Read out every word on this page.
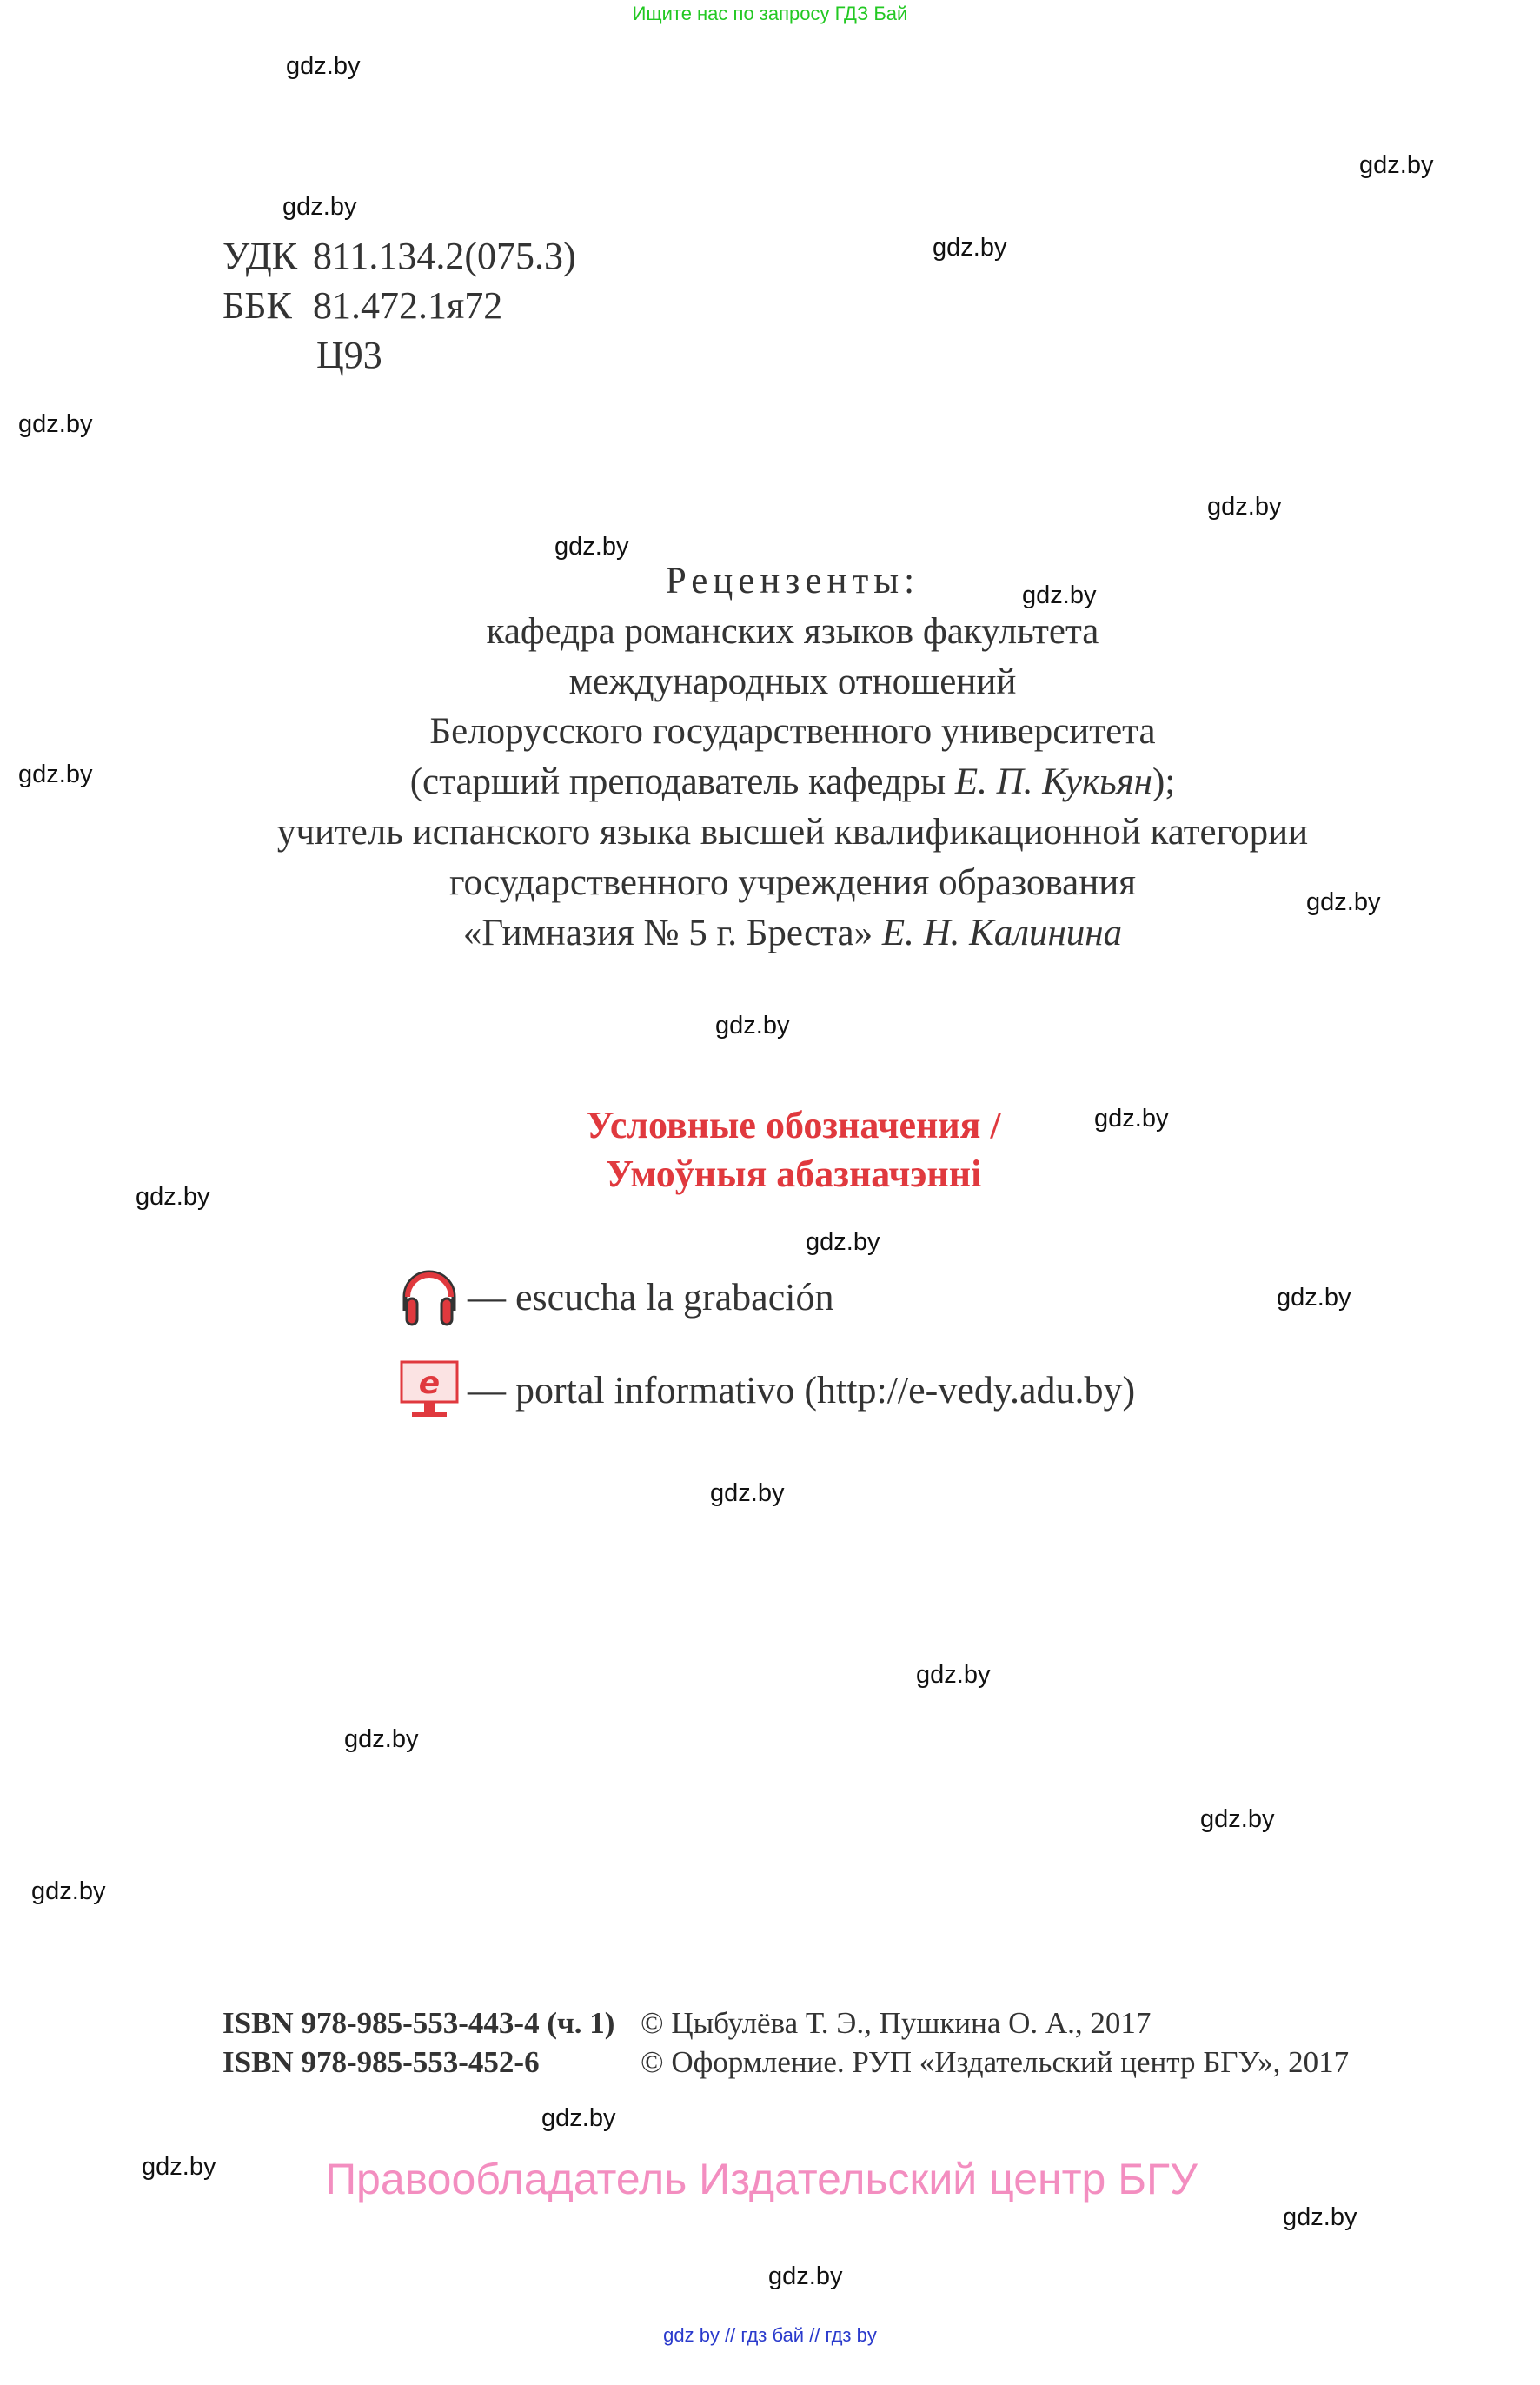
Ищите нас по запросу ГДЗ Бай
gdz.by
gdz.by
gdz.by
gdz.by
gdz.by
gdz.by
gdz.by
gdz.by
gdz.by
gdz.by
gdz.by
gdz.by
gdz.by
gdz.by
gdz.by
gdz.by
gdz.by
gdz.by
gdz.by
gdz.by
gdz.by
gdz.by
gdz.by
gdz.by
УДК 811.134.2(075.3)
ББК 81.472.1я72
Ц93
Рецензенты:
кафедра романских языков факультета
международных отношений
Белорусского государственного университета
(старший преподаватель кафедры Е. П. Кукьян);
учитель испанского языка высшей квалификационной категории
государственного учреждения образования
«Гимназия № 5 г. Бреста» Е. Н. Калинина
Условные обозначения /
Умоўныя абазначэнні
— escucha la grabación
e — portal informativo (http://e-vedy.adu.by)
ISBN 978-985-553-443-4 (ч. 1) © Цыбулёва Т. Э., Пушкина О. А., 2017
ISBN 978-985-553-452-6	© Оформление. РУП «Издательский центр БГУ», 2017
Правообладатель Издательский центр БГУ
gdz by // гдз бай // гдз by
